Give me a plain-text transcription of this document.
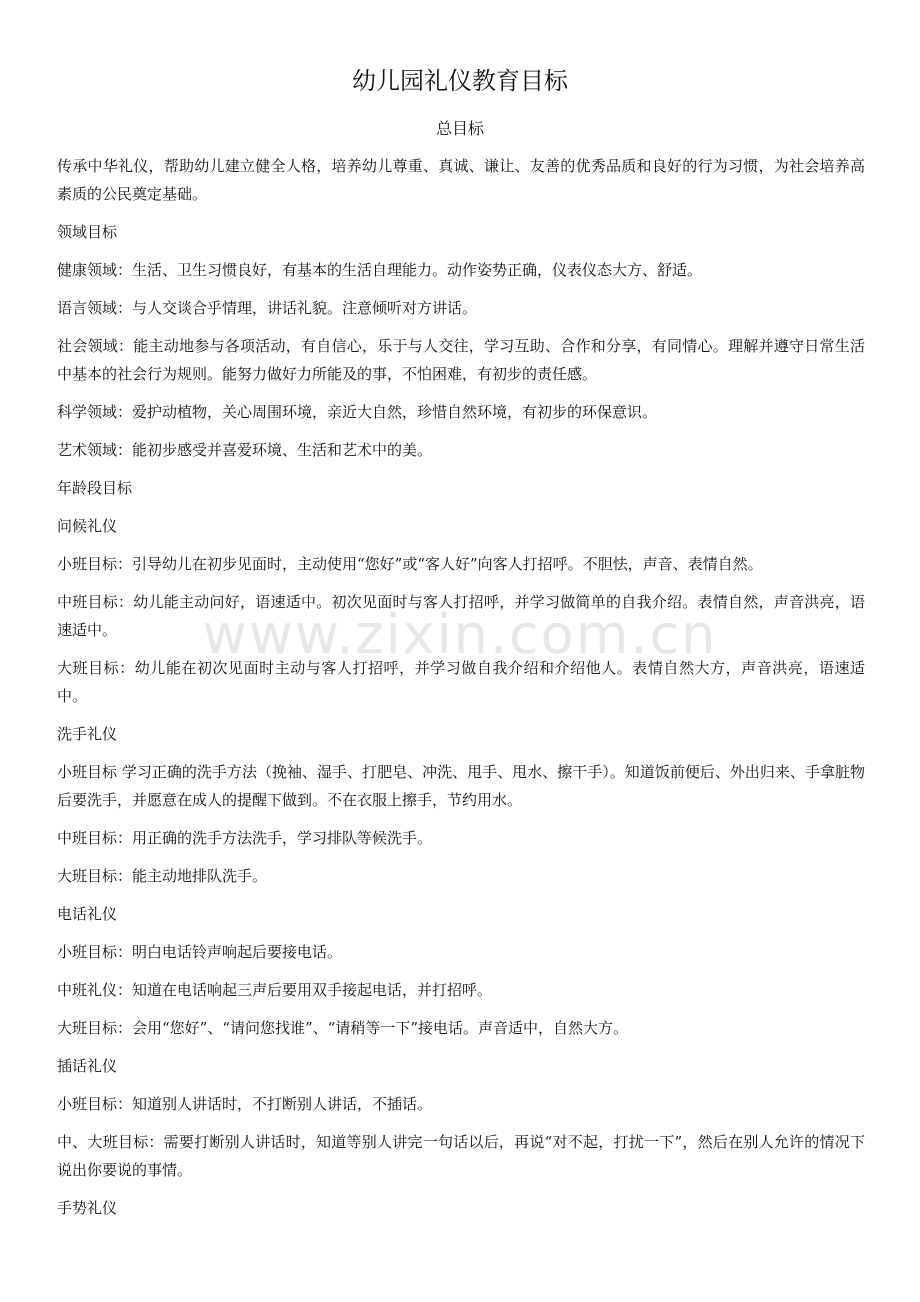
幼儿园礼仪教育目标
总目标

传承中华礼仪，帮助幼儿建立健全人格，培养幼儿尊重、真诚、谦让、友善的优秀品质和良好的行为习惯，为社会培养高素质的公民奠定基础。

领域目标

健康领域：生活、卫生习惯良好，有基本的生活自理能力。动作姿势正确，仪表仪态大方、舒适。

语言领域：与人交谈合乎情理，讲话礼貌。注意倾听对方讲话。

社会领域：能主动地参与各项活动，有自信心，乐于与人交往，学习互助、合作和分享，有同情心。理解并遵守日常生活中基本的社会行为规则。能努力做好力所能及的事，不怕困难，有初步的责任感。

科学领域：爱护动植物，关心周围环境，亲近大自然，珍惜自然环境，有初步的环保意识。

艺术领域：能初步感受并喜爱环境、生活和艺术中的美。

年龄段目标

问候礼仪

小班目标：引导幼儿在初步见面时，主动使用“您好”或“客人好”向客人打招呼。不胆怯，声音、表情自然。

中班目标：幼儿能主动问好，语速适中。初次见面时与客人打招呼，并学习做简单的自我介绍。表情自然，声音洪亮，语速适中。

大班目标：幼儿能在初次见面时主动与客人打招呼，并学习做自我介绍和介绍他人。表情自然大方，声音洪亮，语速适中。

洗手礼仪

小班目标 学习正确的洗手方法（挽袖、湿手、打肥皂、冲洗、甩手、甩水、擦干手）。知道饭前便后、外出归来、手拿脏物后要洗手，并愿意在成人的提醒下做到。不在衣服上擦手，节约用水。

中班目标：用正确的洗手方法洗手，学习排队等候洗手。

大班目标：能主动地排队洗手。

电话礼仪

小班目标：明白电话铃声响起后要接电话。

中班礼仪：知道在电话响起三声后要用双手接起电话，并打招呼。

大班目标：会用“您好”、“请问您找谁”、“请稍等一下”接电话。声音适中，自然大方。

插话礼仪

小班目标：知道别人讲话时，不打断别人讲话，不插话。

中、大班目标：需要打断别人讲话时，知道等别人讲完一句话以后，再说“对不起，打扰一下”，然后在别人允许的情况下说出你要说的事情。

手势礼仪

www.zixin.com.cn
